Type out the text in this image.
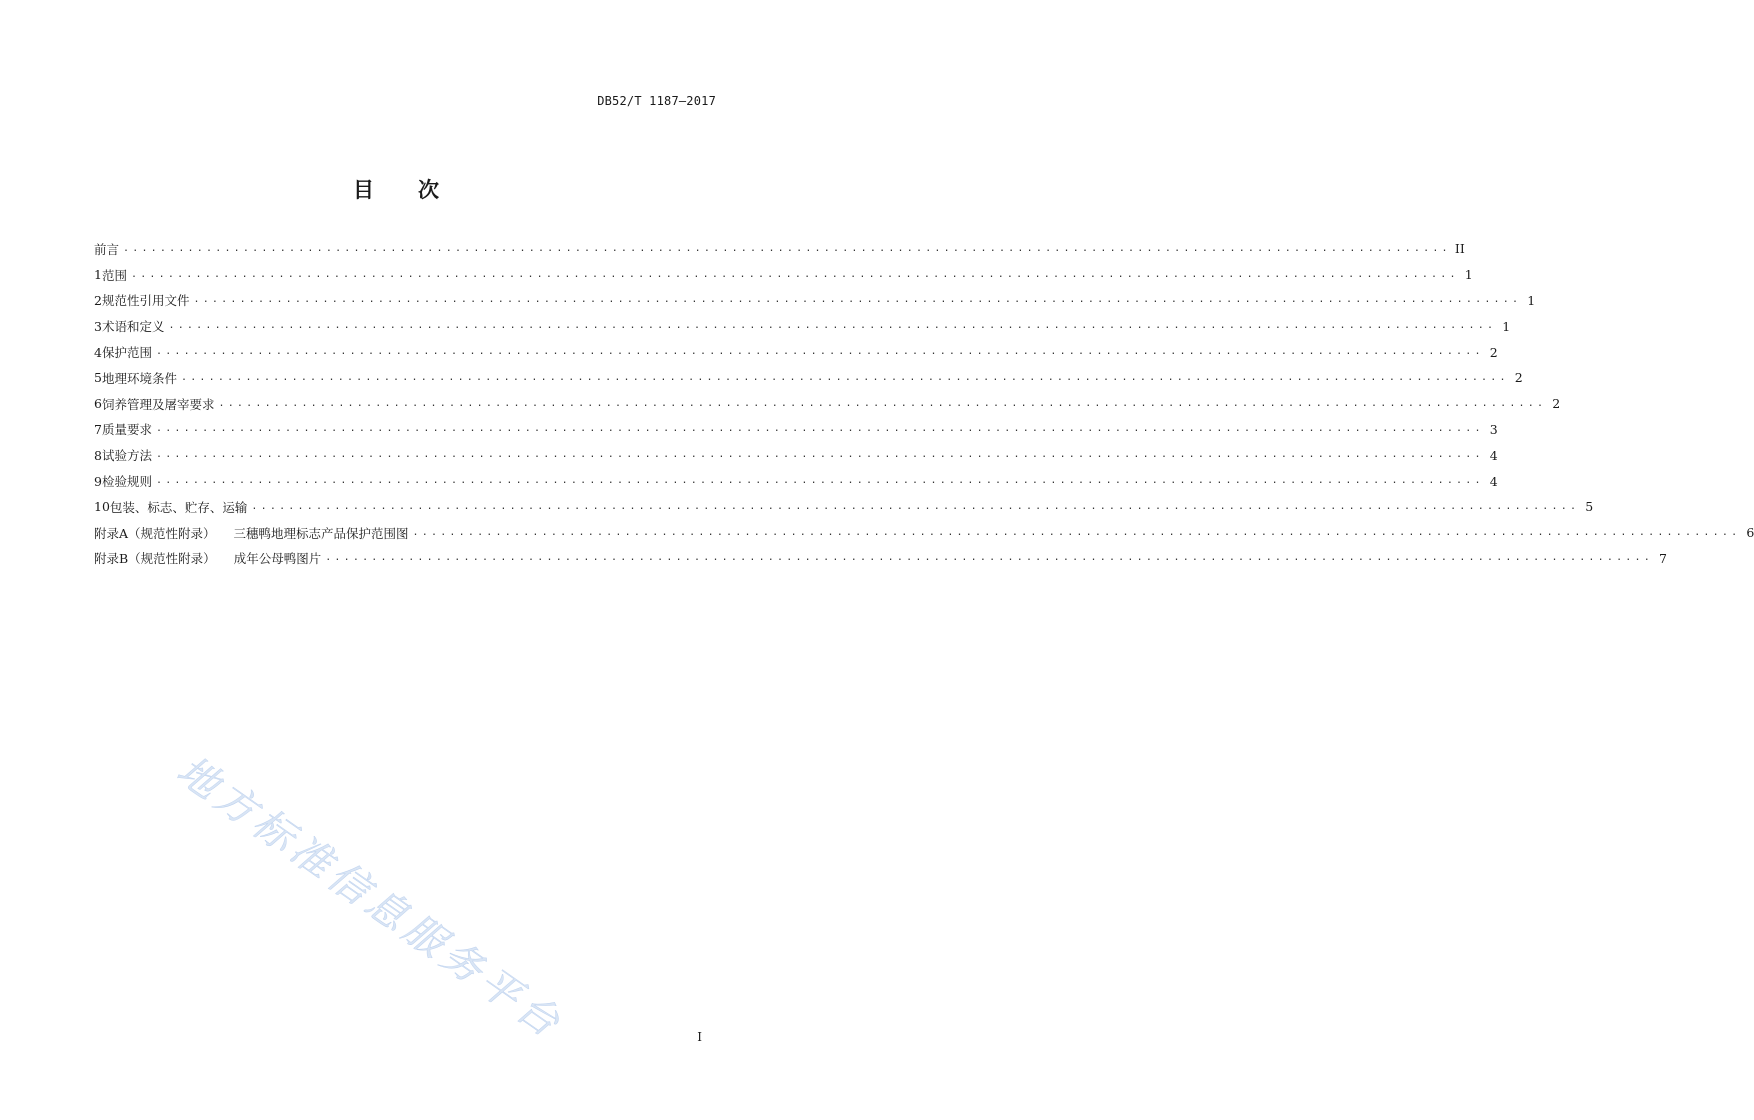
DB52/T 1187—2017
目 次
前言 ................................................................................................................................................ II
1 范围 ................................................................................................................................................ 1
2 规范性引用文件 ................................................................................................................................................ 1
3 术语和定义 ................................................................................................................................................ 1
4 保护范围 ................................................................................................................................................ 2
5 地理环境条件 ................................................................................................................................................ 2
6 饲养管理及屠宰要求 ................................................................................................................................................ 2
7 质量要求 ................................................................................................................................................ 3
8 试验方法 ................................................................................................................................................ 4
9 检验规则 ................................................................................................................................................ 4
10 包装、标志、贮存、运输 ................................................................................................................................................ 5
附录A（规范性附录） 三穗鸭地理标志产品保护范围图 ................................................................................................................................................ 6
附录B（规范性附录） 成年公母鸭图片 ................................................................................................................................................ 7
地方标准信息服务平台	I
